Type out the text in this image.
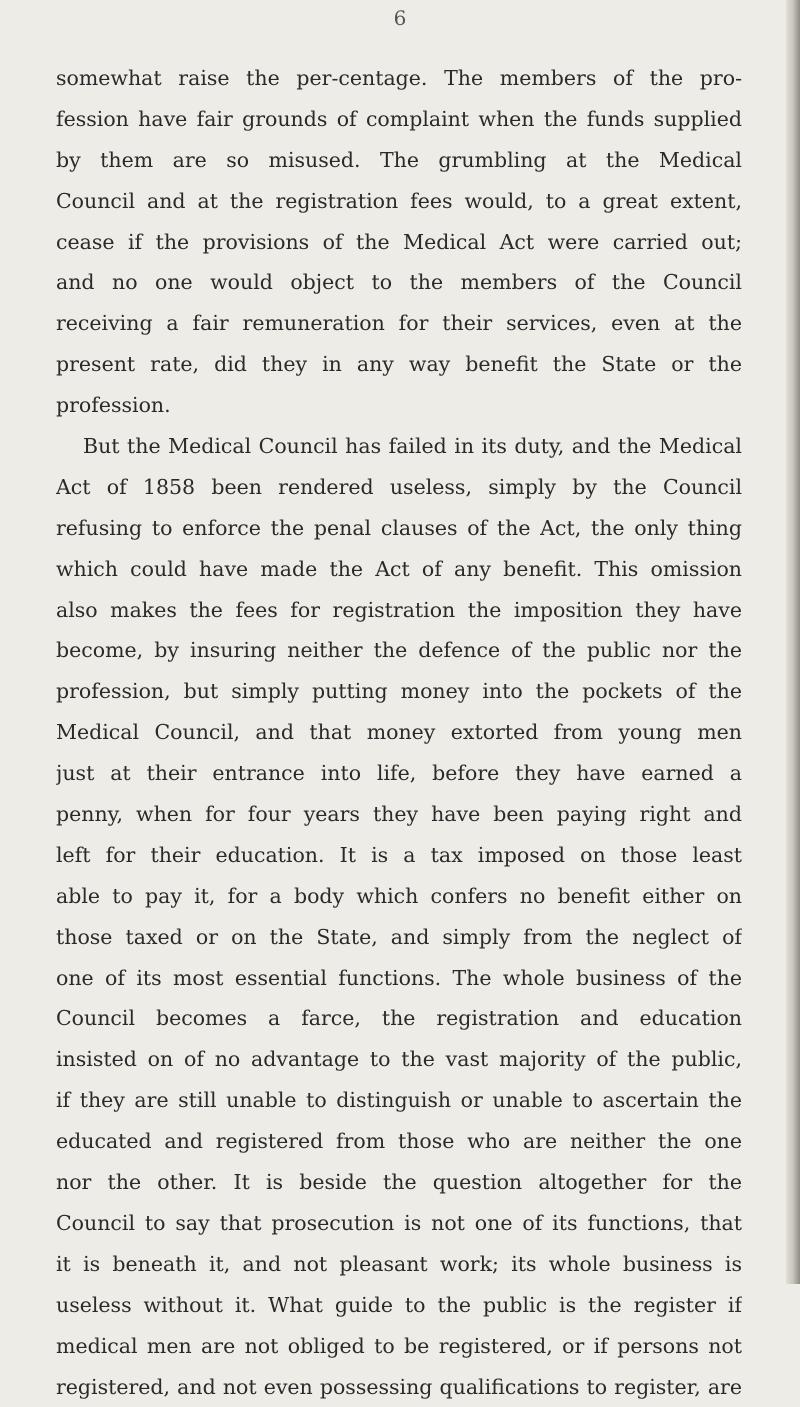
6
somewhat raise the per-centage. The members of the pro-
fession have fair grounds of complaint when the funds supplied
by them are so misused. The grumbling at the Medical
Council and at the registration fees would, to a great extent,
cease if the provisions of the Medical Act were carried out;
and no one would object to the members of the Council
receiving a fair remuneration for their services, even at the
present rate, did they in any way benefit the State or the
profession.
But the Medical Council has failed in its duty, and the Medical
Act of 1858 been rendered useless, simply by the Council
refusing to enforce the penal clauses of the Act, the only thing
which could have made the Act of any benefit. This omission
also makes the fees for registration the imposition they have
become, by insuring neither the defence of the public nor the
profession, but simply putting money into the pockets of the
Medical Council, and that money extorted from young men
just at their entrance into life, before they have earned a
penny, when for four years they have been paying right and
left for their education. It is a tax imposed on those least
able to pay it, for a body which confers no benefit either on
those taxed or on the State, and simply from the neglect of
one of its most essential functions. The whole business of the
Council becomes a farce, the registration and education
insisted on of no advantage to the vast majority of the public,
if they are still unable to distinguish or unable to ascertain the
educated and registered from those who are neither the one
nor the other. It is beside the question altogether for the
Council to say that prosecution is not one of its functions, that
it is beneath it, and not pleasant work; its whole business is
useless without it. What guide to the public is the register if
medical men are not obliged to be registered, or if persons not
registered, and not even possessing qualifications to register, are
